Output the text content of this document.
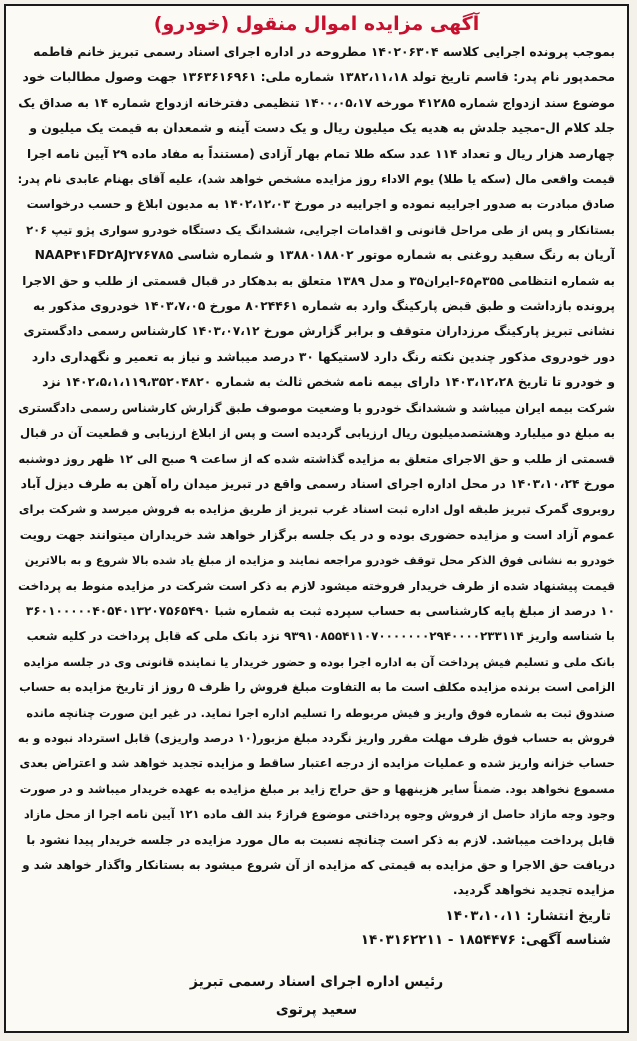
آگهی مزایده اموال منقول (خودرو)
بموجب پرونده اجرایی کلاسه ۱۴۰۲۰۶۳۰۴ مطروحه در اداره اجرای اسناد رسمی تبریز خانم فاطمه
محمدپور نام پدر: قاسم تاریخ تولد ۱۳۸۲،۱۱،۱۸ شماره ملی: ۱۳۶۳۶۱۶۹۶۱ جهت وصول مطالبات خود
موضوع سند ازدواج شماره ۴۱۲۸۵ مورخه ۱۴۰۰،۰۵،۱۷ تنظیمی دفترخانه ازدواج شماره ۱۴ به صداق یک
جلد کلام ال-مجید جلدش به هدیه یک میلیون ریال و یک دست آینه و شمعدان به قیمت یک میلیون و
چهارصد هزار ریال و تعداد ۱۱۴ عدد سکه طلا تمام بهار آزادی (مستنداً به مفاد ماده ۲۹ آیین نامه اجرا
قیمت واقعی مال (سکه یا طلا) یوم الاداء روز مزایده مشخص خواهد شد)، علیه آقای بهنام عابدی نام پدر:
صادق مبادرت به صدور اجراییه نموده و اجراییه در مورخ ۱۴۰۲،۱۲،۰۳ به مدیون ابلاغ و حسب درخواست
بستانکار و پس از طی مراحل قانونی و اقدامات اجرایی، ششدانگ یک دستگاه خودرو سواری پژو تیپ ۲۰۶
آریان به رنگ سفید روغنی به شماره موتور ۱۳۸۸۰۱۸۸۰۲ و شماره شاسی NAAP۴۱FD۲AJ۲۷۶۷۸۵
به شماره انتظامی ۳۵۵م۶۵-ایران۳۵ و مدل ۱۳۸۹ متعلق به بدهکار در قبال قسمتی از طلب و حق الاجرا
پرونده بازداشت و طبق قبض پارکینگ وارد به شماره ۸۰۲۴۴۶۱ مورخ ۱۴۰۳،۷،۰۵ خودروی مذکور به
نشانی تبریز پارکینگ مرزداران متوقف و برابر گزارش مورخ ۱۴۰۳،۰۷،۱۲ کارشناس رسمی دادگستری
دور خودروی مذکور چندین نکته رنگ دارد لاستیکها ۳۰ درصد میباشد و نیاز به تعمیر و نگهداری دارد
و خودرو تا تاریخ ۱۴۰۳،۱۲،۲۸ دارای بیمه نامه شخص ثالث به شماره ۱۴۰۲،۵،۱،۱۱۹،۳۵۲۰۴۸۲۰ نزد
شرکت بیمه ایران میباشد و ششدانگ خودرو با وضعیت موصوف طبق گزارش کارشناس رسمی دادگستری
به مبلغ دو میلیارد وهشتصدمیلیون ریال ارزیابی گردیده است و پس از ابلاغ ارزیابی و قطعیت آن در قبال
قسمتی از طلب و حق الاجرای متعلق به مزایده گذاشته شده که از ساعت ۹ صبح الی ۱۲ ظهر روز دوشنبه
مورخ ۱۴۰۳،۱۰،۲۴ در محل اداره اجرای اسناد رسمی واقع در تبریز میدان راه آهن به طرف دیزل آباد
روبروی گمرک تبریز طبقه اول اداره ثبت اسناد غرب تبریز از طریق مزایده به فروش میرسد و شرکت برای
عموم آزاد است و مزایده حضوری بوده و در یک جلسه برگزار خواهد شد خریداران میتوانند جهت رویت
خودرو به نشانی فوق الذکر محل توقف خودرو مراجعه نمایند و مزایده از مبلغ یاد شده بالا شروع و به بالاترین
قیمت پیشنهاد شده از طرف خریدار فروخته میشود لازم به ذکر است شرکت در مزایده منوط به پرداخت
۱۰ درصد از مبلغ پایه کارشناسی به حساب سپرده ثبت به شماره شبا ۳۶۰۱۰۰۰۰۰۴۰۵۴۰۱۳۲۰۷۵۶۵۴۹۰
با شناسه واریز ۹۳۹۱۰۸۵۵۴۱۱۰۷۰۰۰۰۰۰۰۲۹۴۰۰۰۰۲۳۳۱۱۴ نزد بانک ملی که قابل پرداخت در کلیه شعب
بانک ملی و تسلیم فیش پرداخت آن به اداره اجرا بوده و حضور خریدار یا نماینده قانونی وی در جلسه مزایده
الزامی است برنده مزایده مکلف است ما به التفاوت مبلغ فروش را ظرف ۵ روز از تاریخ مزایده به حساب
صندوق ثبت به شماره فوق واریز و فیش مربوطه را تسلیم اداره اجرا نماید. در غیر این صورت چنانچه مانده
فروش به حساب فوق ظرف مهلت مقرر واریز نگردد مبلغ مزبور(۱۰ درصد واریزی) قابل استرداد نبوده و به
حساب خزانه واریز شده و عملیات مزایده از درجه اعتبار ساقط و مزایده تجدید خواهد شد و اعتراض بعدی
مسموع نخواهد بود. ضمناً سایر هزینهها و حق حراج زاید بر مبلغ مزایده به عهده خریدار میباشد و در صورت
وجود وجه مازاد حاصل از فروش وجوه پرداختی موضوع فراز۶ بند الف ماده ۱۲۱ آیین نامه اجرا از محل مازاد
قابل پرداخت میباشد. لازم به ذکر است چنانچه نسبت به مال مورد مزایده در جلسه خریدار پیدا نشود با
دریافت حق الاجرا و حق مزایده به قیمتی که مزایده از آن شروع میشود به بستانکار واگذار خواهد شد و
مزایده تجدید نخواهد گردید.
تاریخ انتشار: ۱۴۰۳،۱۰،۱۱
شناسه آگهی: ۱۸۵۴۴۷۶ - ۱۴۰۳۱۶۲۲۱۱
رئیس اداره اجرای اسناد رسمی تبریز
سعید پرتوی
